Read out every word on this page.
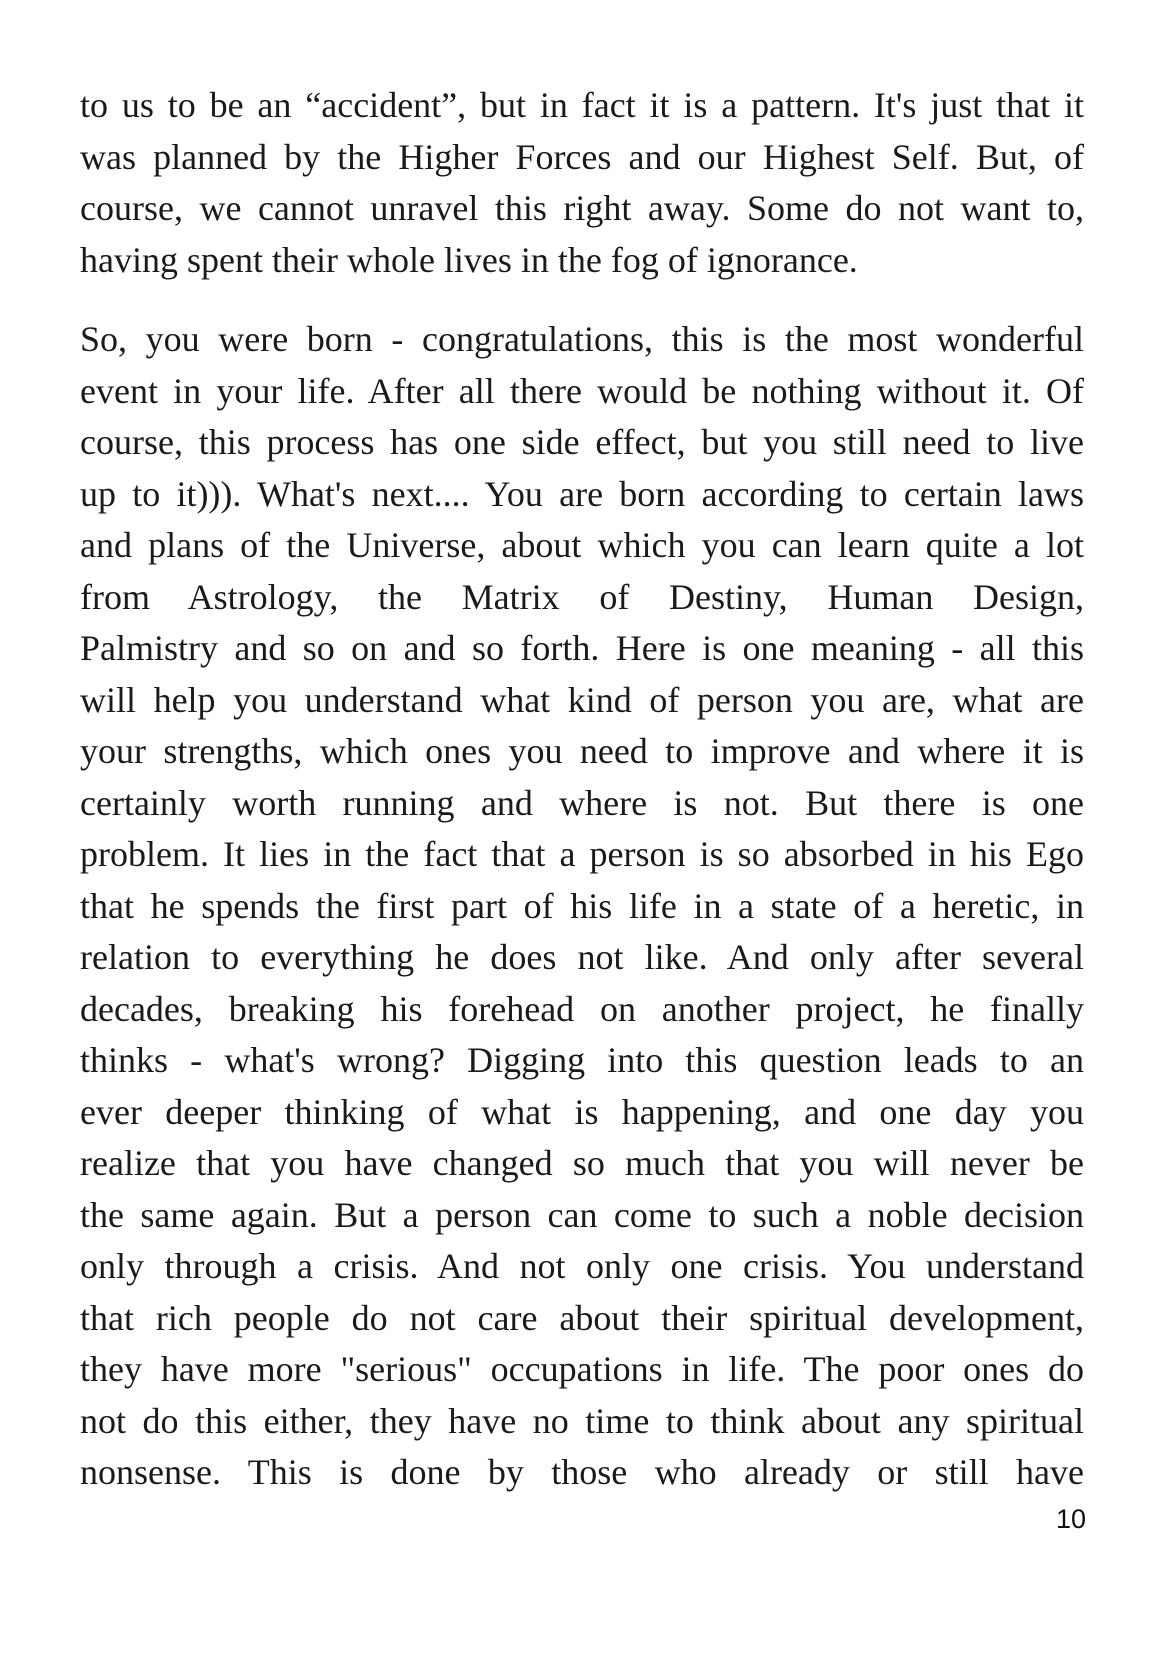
to us to be an “accident”, but in fact it is a pattern. It's just that it
was planned by the Higher Forces and our Highest Self. But, of
course, we cannot unravel this right away. Some do not want to,
having spent their whole lives in the fog of ignorance.
So, you were born - congratulations, this is the most wonderful
event in your life. After all there would be nothing without it. Of
course, this process has one side effect, but you still need to live
up to it))). What's next.... You are born according to certain laws
and plans of the Universe, about which you can learn quite a lot
from Astrology, the Matrix of Destiny, Human Design,
Palmistry and so on and so forth. Here is one meaning - all this
will help you understand what kind of person you are, what are
your strengths, which ones you need to improve and where it is
certainly worth running and where is not. But there is one
problem. It lies in the fact that a person is so absorbed in his Ego
that he spends the first part of his life in a state of a heretic, in
relation to everything he does not like. And only after several
decades, breaking his forehead on another project, he finally
thinks - what's wrong? Digging into this question leads to an
ever deeper thinking of what is happening, and one day you
realize that you have changed so much that you will never be
the same again. But a person can come to such a noble decision
only through a crisis. And not only one crisis. You understand
that rich people do not care about their spiritual development,
they have more "serious" occupations in life. The poor ones do
not do this either, they have no time to think about any spiritual
nonsense. This is done by those who already or still have
10
